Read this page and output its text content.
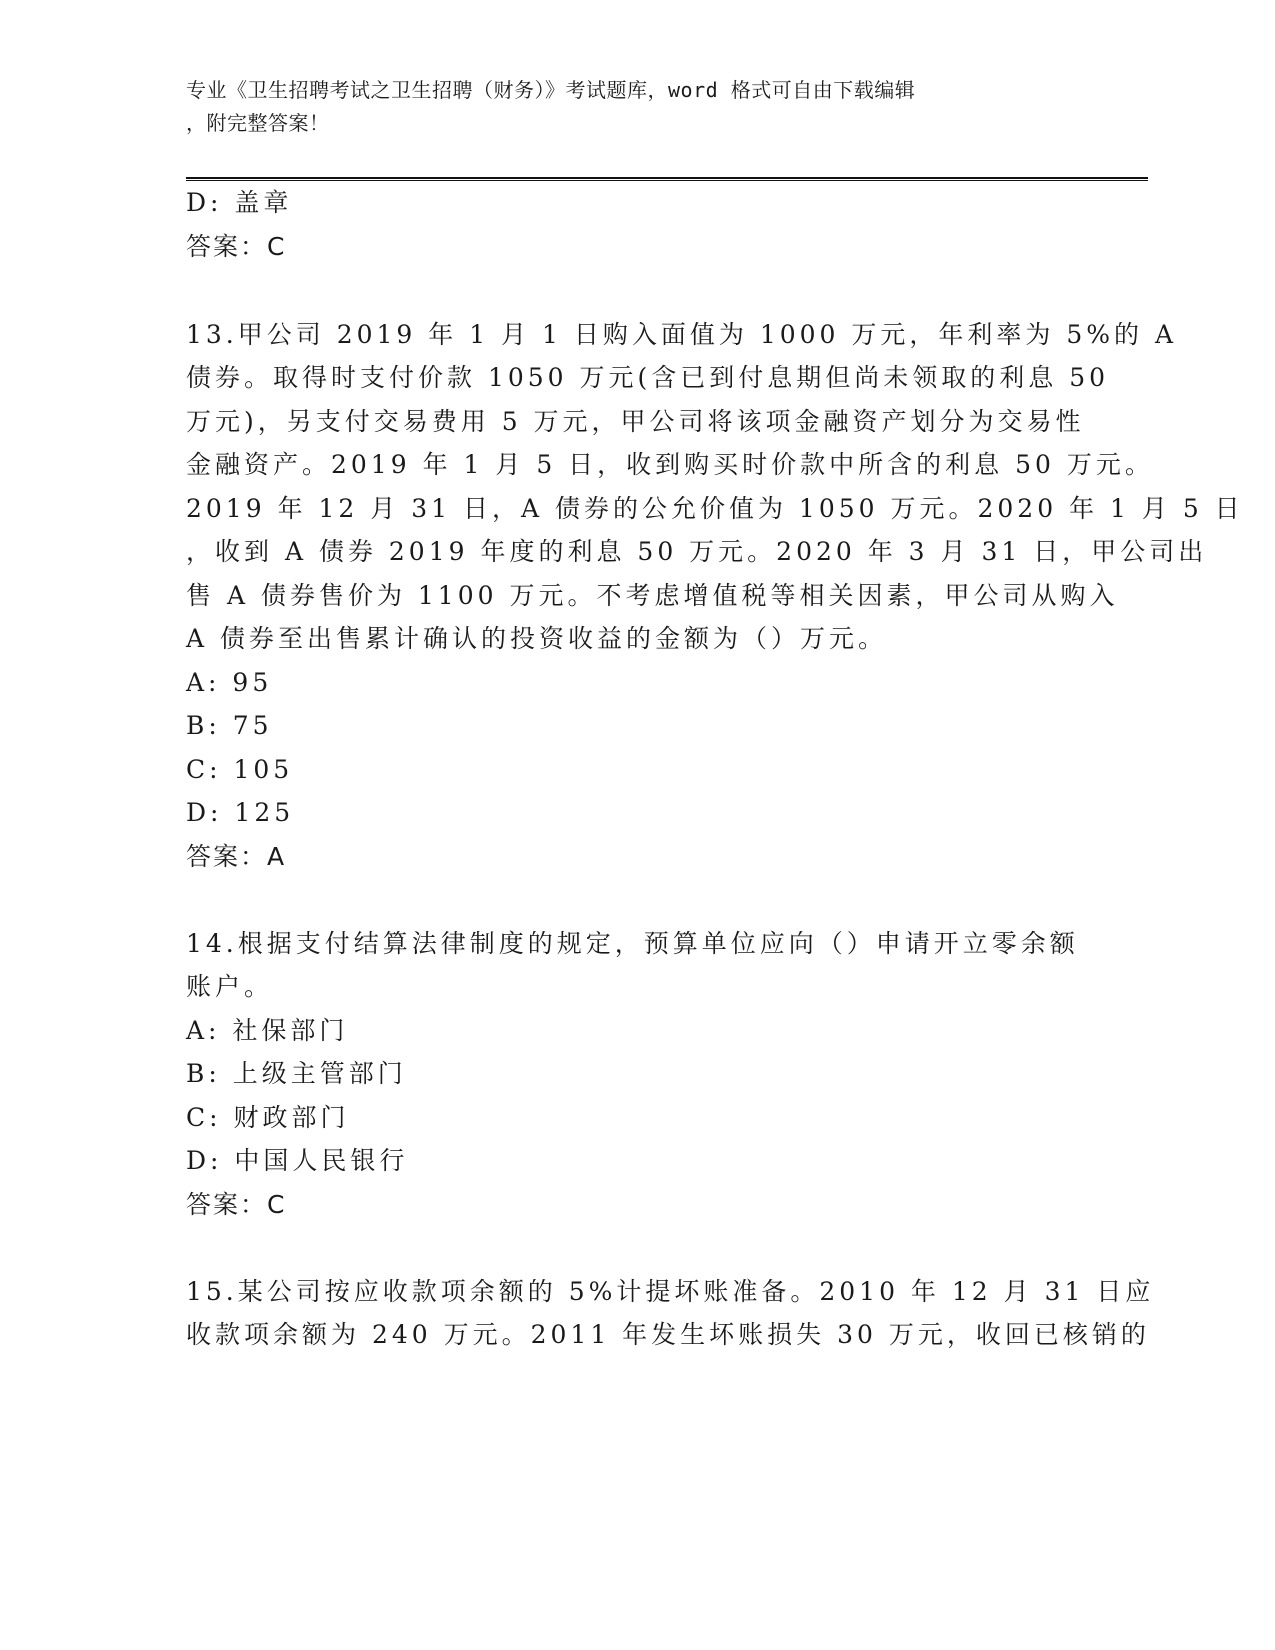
专业《卫生招聘考试之卫生招聘（财务）》考试题库，word 格式可自由下载编辑
，附完整答案！
D: 盖章
答案：C
13.甲公司 2019 年 1 月 1 日购入面值为 1000 万元，年利率为 5%的 A
债券。取得时支付价款 1050 万元(含已到付息期但尚未领取的利息 50
万元)，另支付交易费用 5 万元，甲公司将该项金融资产划分为交易性
金融资产。2019 年 1 月 5 日，收到购买时价款中所含的利息 50 万元。
2019 年 12 月 31 日，A 债券的公允价值为 1050 万元。2020 年 1 月 5 日
，收到 A 债券 2019 年度的利息 50 万元。2020 年 3 月 31 日，甲公司出
售 A 债券售价为 1100 万元。不考虑增值税等相关因素，甲公司从购入
A 债券至出售累计确认的投资收益的金额为（）万元。
A: 95
B: 75
C: 105
D: 125
答案：A
14.根据支付结算法律制度的规定，预算单位应向（）申请开立零余额
账户。
A: 社保部门
B: 上级主管部门
C: 财政部门
D: 中国人民银行
答案：C
15.某公司按应收款项余额的 5%计提坏账准备。2010 年 12 月 31 日应
收款项余额为 240 万元。2011 年发生坏账损失 30 万元，收回已核销的
